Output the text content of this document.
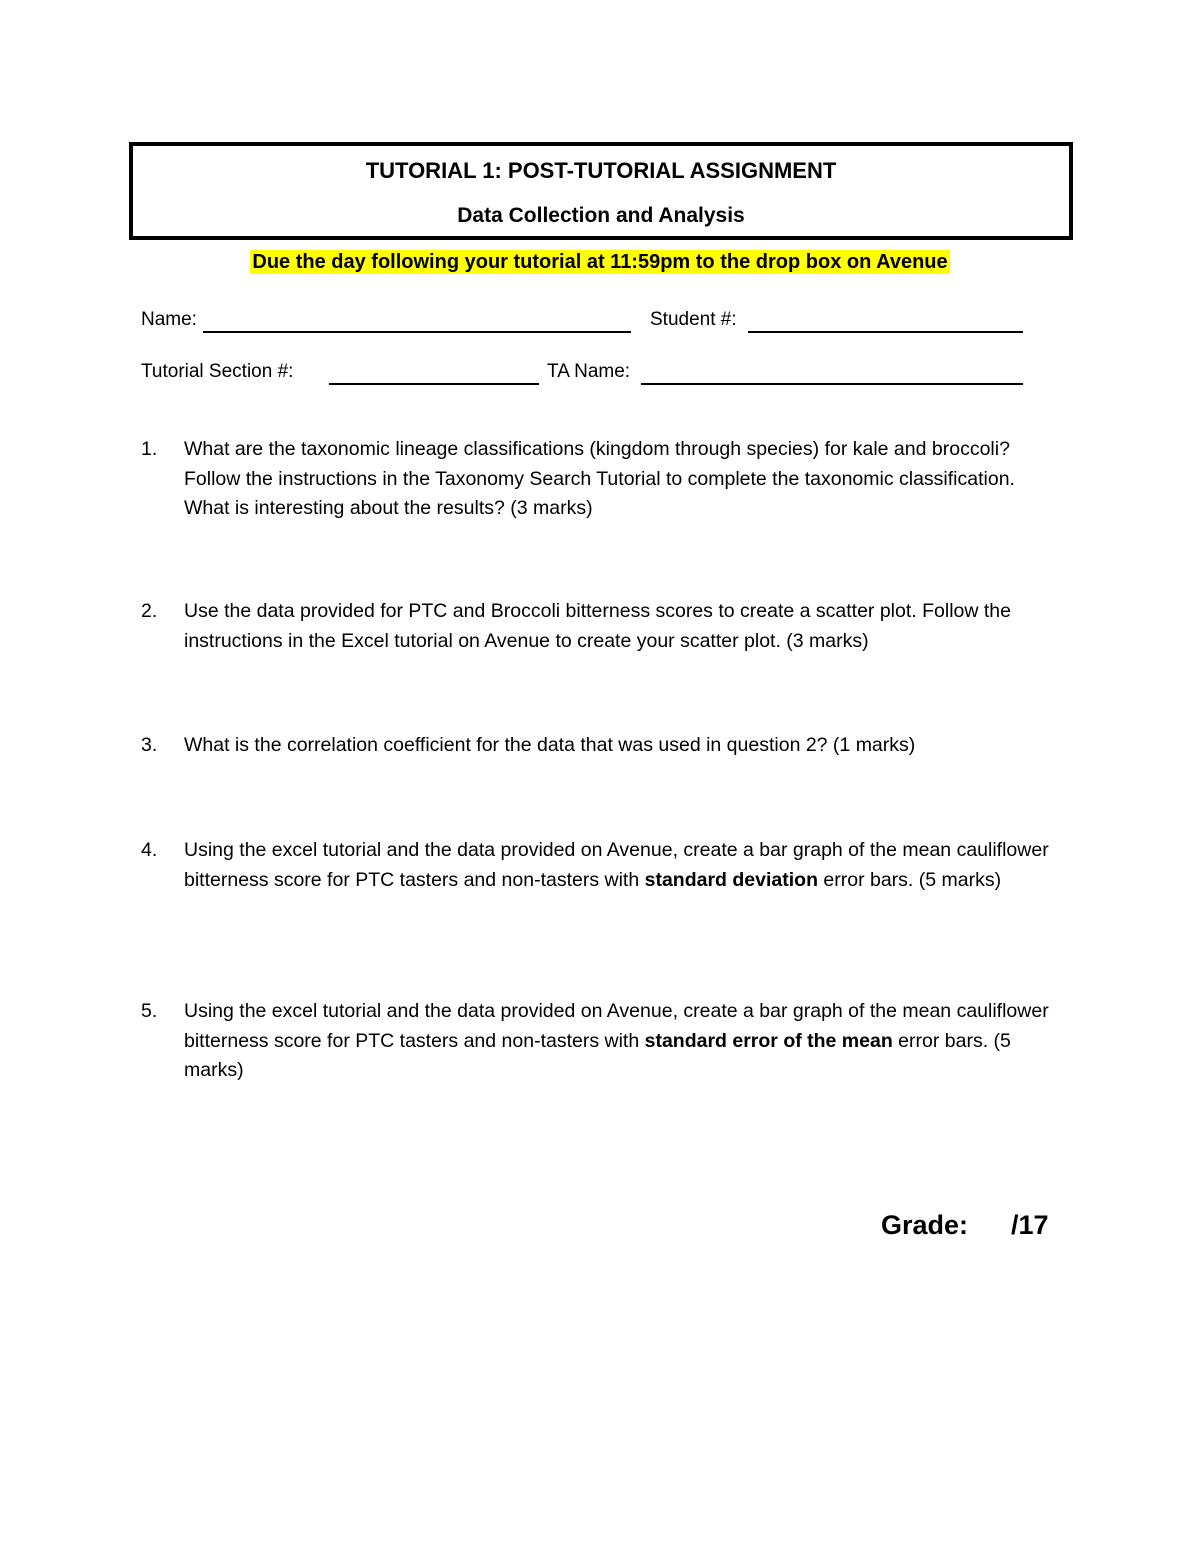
TUTORIAL 1: POST-TUTORIAL ASSIGNMENT
Data Collection and Analysis
Due the day following your tutorial at 11:59pm to the drop box on Avenue
Name:	Student #:
Tutorial Section #:	TA Name:
1.	What are the taxonomic lineage classifications (kingdom through species) for kale and broccoli? Follow the instructions in the Taxonomy Search Tutorial to complete the taxonomic classification. What is interesting about the results? (3 marks)
2.	Use the data provided for PTC and Broccoli bitterness scores to create a scatter plot. Follow the instructions in the Excel tutorial on Avenue to create your scatter plot. (3 marks)
3.	What is the correlation coefficient for the data that was used in question 2? (1 marks)
4.	Using the excel tutorial and the data provided on Avenue, create a bar graph of the mean cauliflower bitterness score for PTC tasters and non-tasters with standard deviation error bars. (5 marks)
5.	Using the excel tutorial and the data provided on Avenue, create a bar graph of the mean cauliflower bitterness score for PTC tasters and non-tasters with standard error of the mean error bars. (5 marks)
Grade: /17
